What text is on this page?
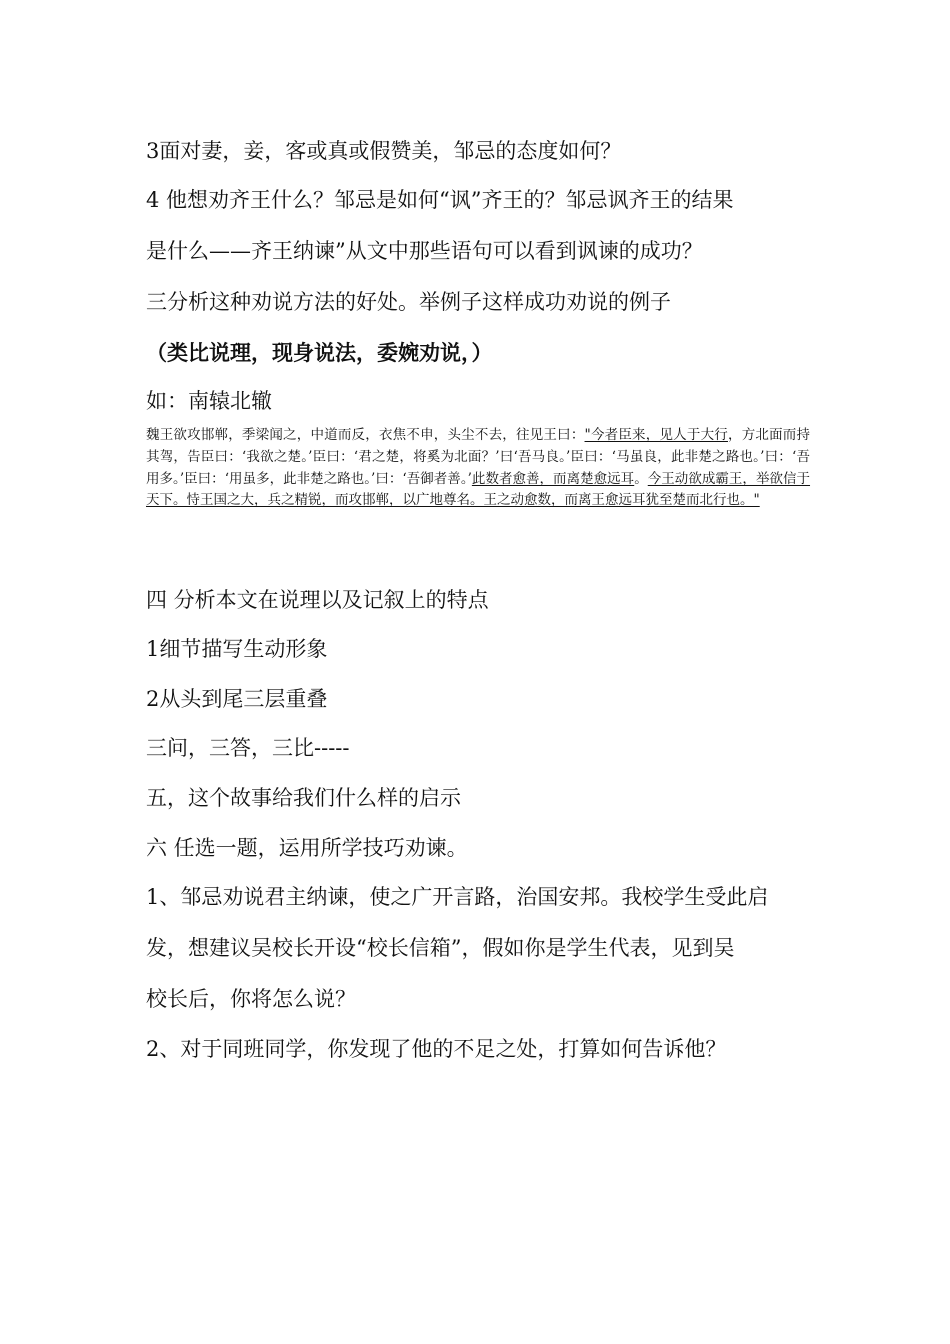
3面对妻，妾，客或真或假赞美，邹忌的态度如何？
4 他想劝齐王什么？邹忌是如何“讽”齐王的？邹忌讽齐王的结果
是什么——齐王纳谏”从文中那些语句可以看到讽谏的成功？
三分析这种劝说方法的好处。举例子这样成功劝说的例子
（类比说理，现身说法，委婉劝说，）
如：南辕北辙
魏王欲攻邯郸，季梁闻之，中道而反，衣焦不申，头尘不去，往见王曰："今者臣来，见人于大行，方北面而持其驾，告臣曰：‘我欲之楚。’臣曰：‘君之楚，将奚为北面？’曰‘吾马良。’臣曰：‘马虽良，此非楚之路也。’曰：‘吾用多。’臣曰：‘用虽多，此非楚之路也。’曰：‘吾御者善。’此数者愈善，而离楚愈远耳。今王动欲成霸王，举欲信于天下。恃王国之大，兵之精锐，而攻邯郸，以广地尊名。王之动愈数，而离王愈远耳犹至楚而北行也。"
四 分析本文在说理以及记叙上的特点
1细节描写生动形象
2从头到尾三层重叠
三问，三答，三比-----
五，这个故事给我们什么样的启示
六 任选一题，运用所学技巧劝谏。
1、邹忌劝说君主纳谏，使之广开言路，治国安邦。我校学生受此启
发，想建议吴校长开设“校长信箱”，假如你是学生代表，见到吴
校长后，你将怎么说？
2、对于同班同学，你发现了他的不足之处，打算如何告诉他？
